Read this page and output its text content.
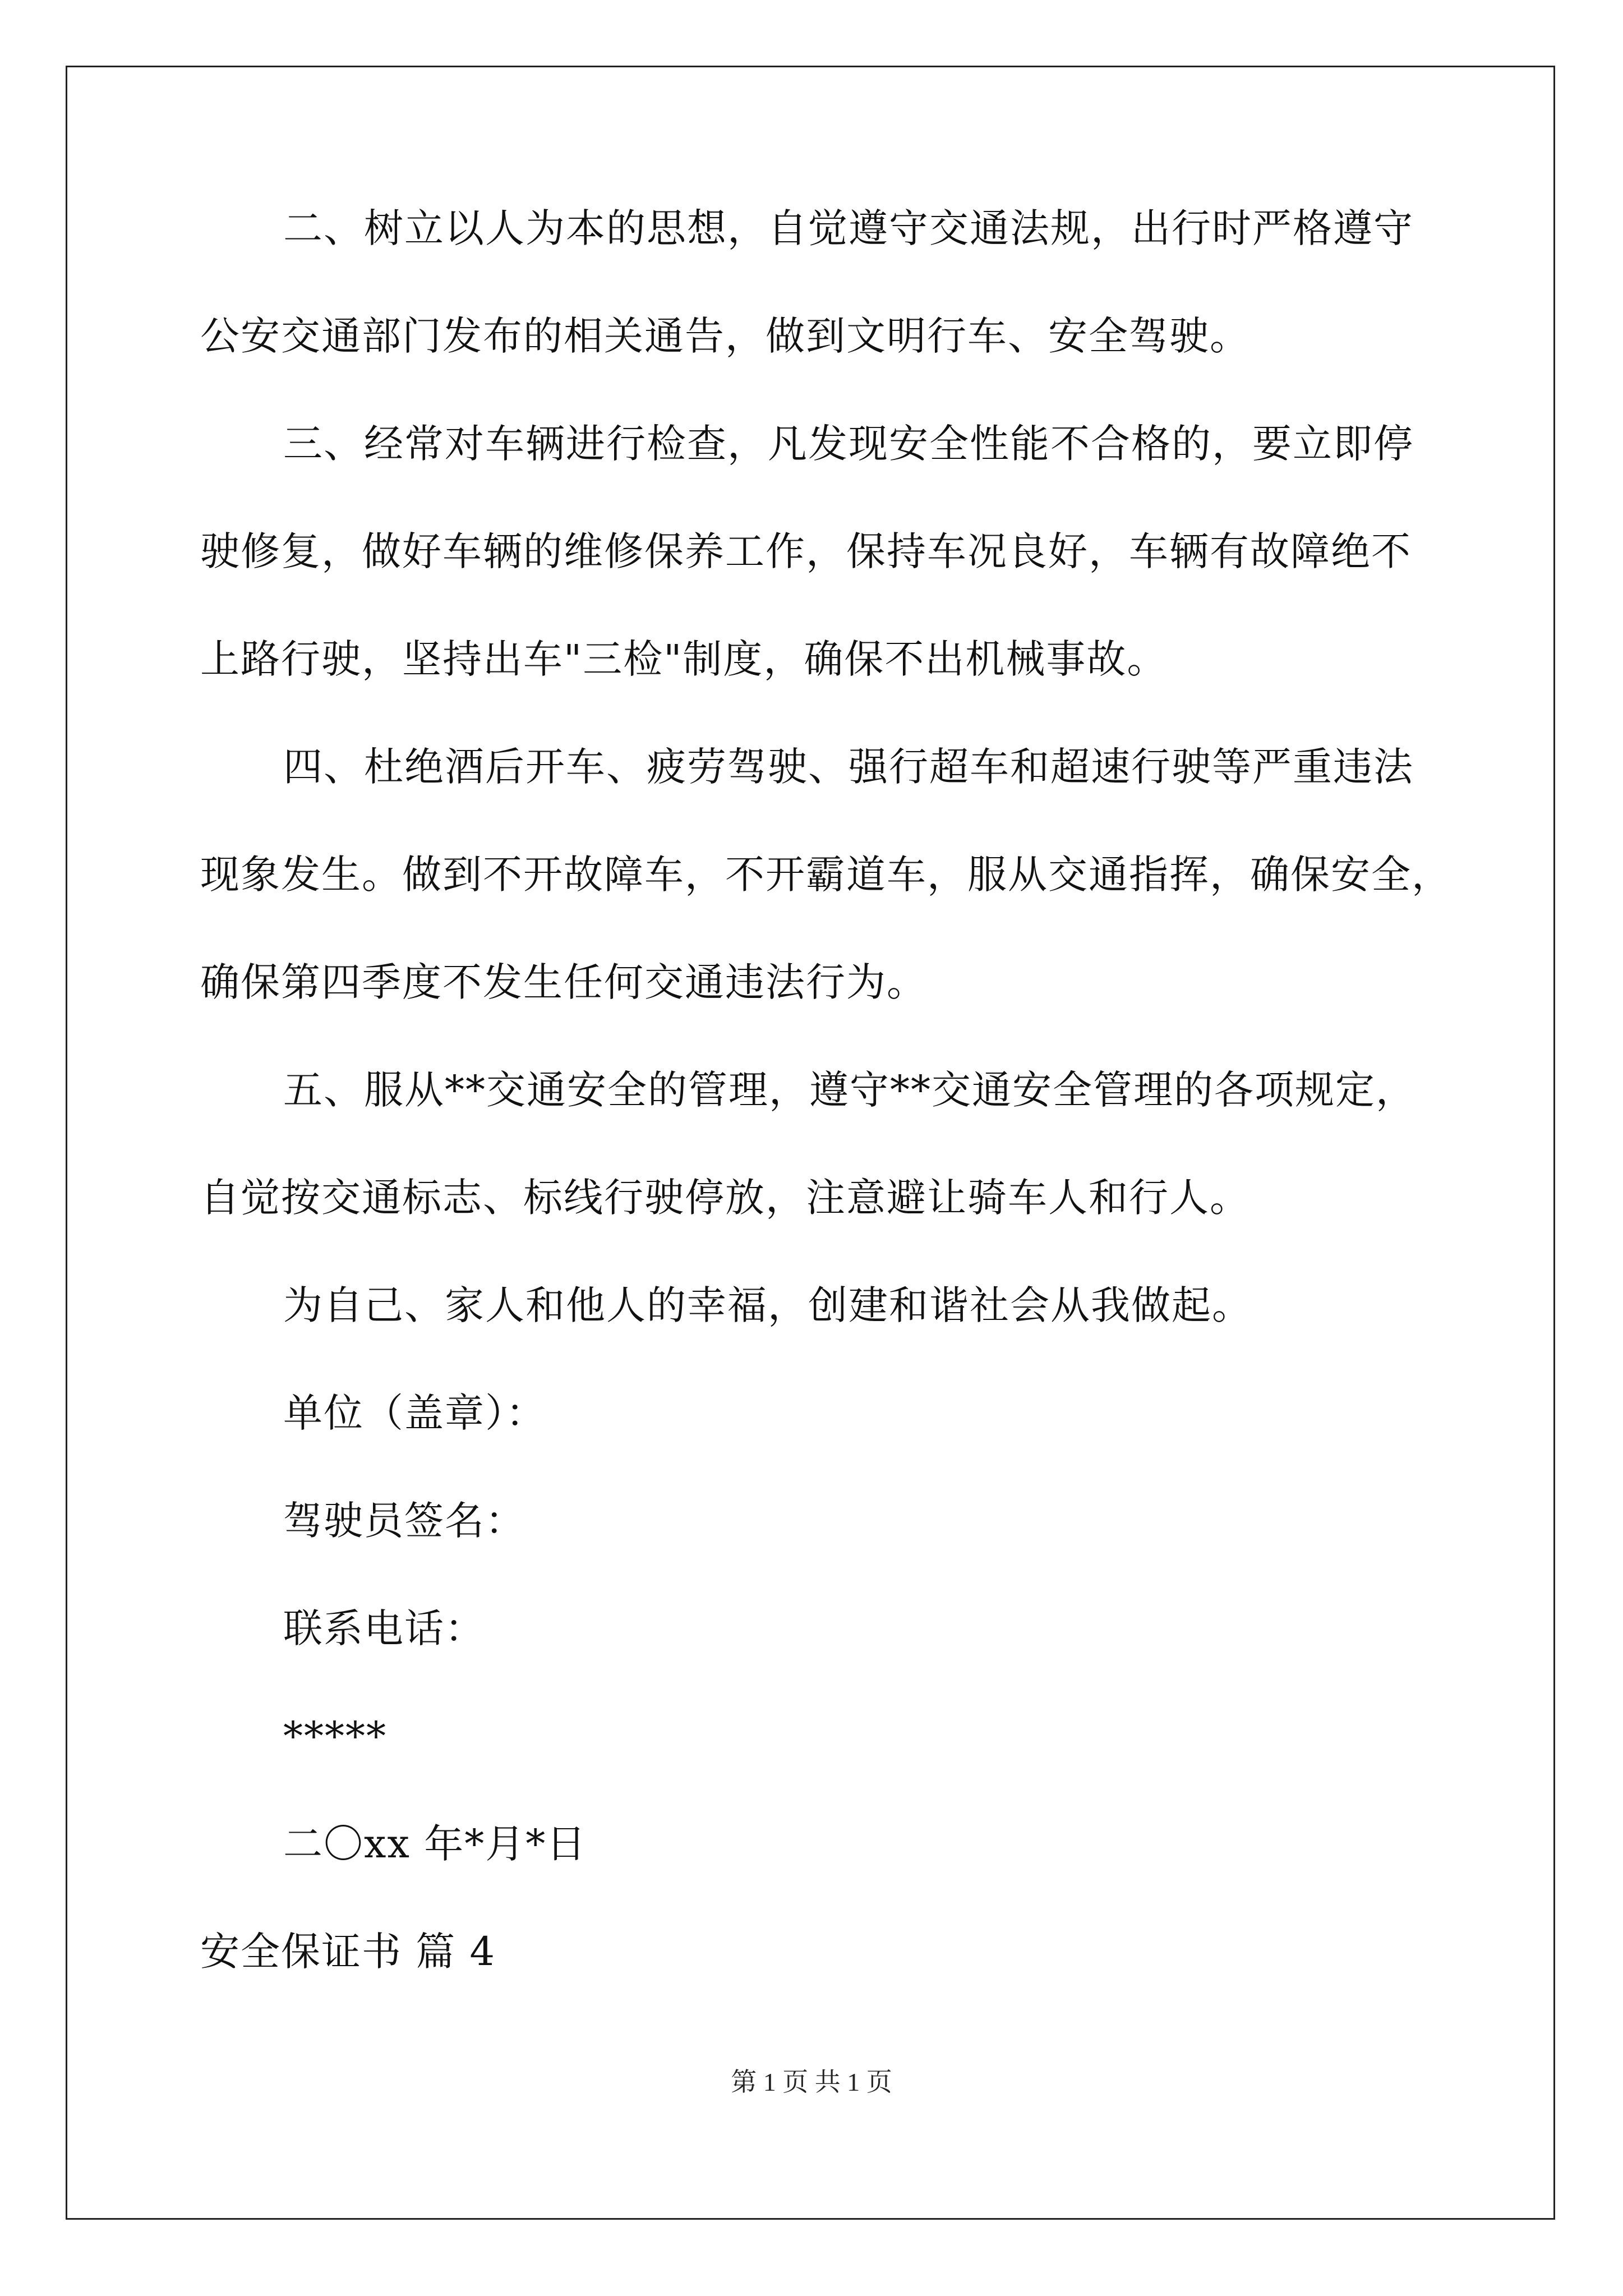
二、树立以人为本的思想，自觉遵守交通法规，出行时严格遵守
公安交通部门发布的相关通告，做到文明行车、安全驾驶。
三、经常对车辆进行检查，凡发现安全性能不合格的，要立即停
驶修复，做好车辆的维修保养工作，保持车况良好，车辆有故障绝不
上路行驶，坚持出车"三检"制度，确保不出机械事故。
四、杜绝酒后开车、疲劳驾驶、强行超车和超速行驶等严重违法
现象发生。做到不开故障车，不开霸道车，服从交通指挥，确保安全，
确保第四季度不发生任何交通违法行为。
五、服从**交通安全的管理，遵守**交通安全管理的各项规定，
自觉按交通标志、标线行驶停放，注意避让骑车人和行人。
为自己、家人和他人的幸福，创建和谐社会从我做起。
单位（盖章）：
驾驶员签名：
联系电话：
*****
二〇xx 年*月*日
安全保证书 篇 4
第 1 页 共 1 页
